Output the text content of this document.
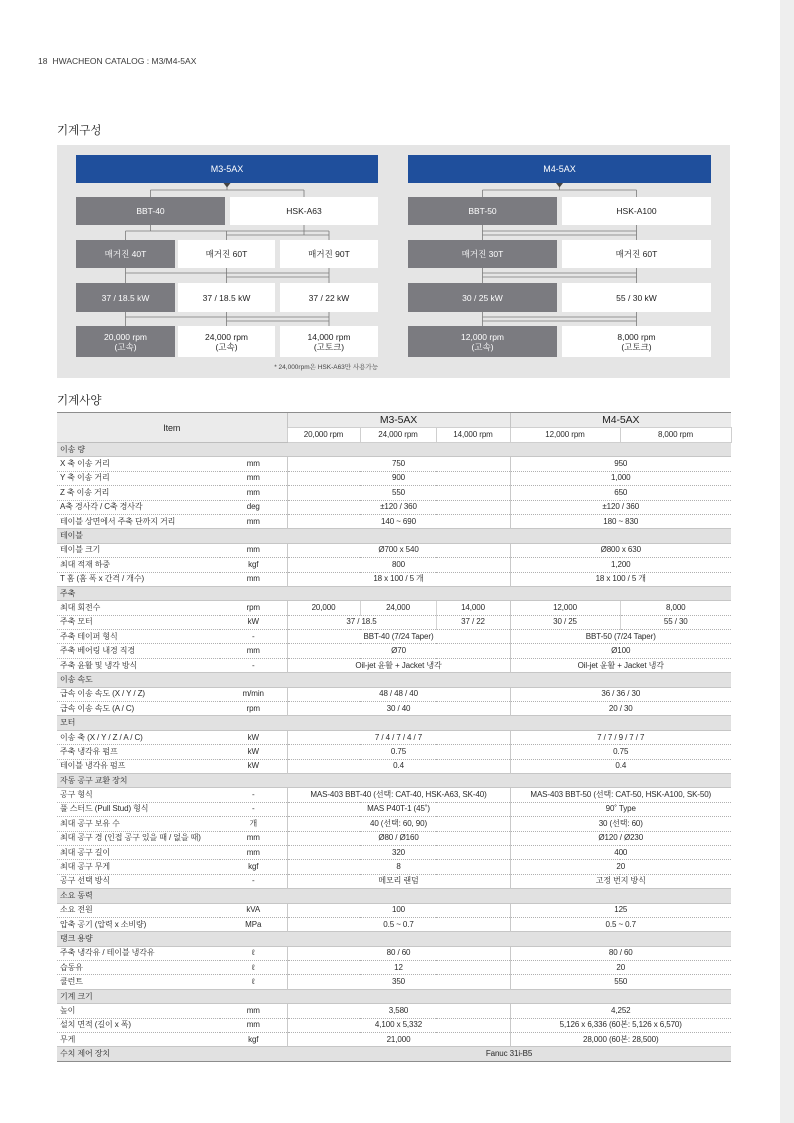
18 HWACHEON CATALOG : M3/M4-5AX
기계구성
M3-5AX
BBT-40	HSK-A63
매거진 40T	매거진 60T	매거진 90T
37 / 18.5 kW	37 / 18.5 kW	37 / 22 kW
20,000 rpm
(고속)
24,000 rpm
(고속)
14,000 rpm
(고토크)
* 24,000rpm은 HSK-A63만 사용가능
M4-5AX
BBT-50	HSK-A100
매거진 30T	매거진 60T
30 / 25 kW	55 / 30 kW
12,000 rpm
(고속)
8,000 rpm
(고토크)
기계사양
Item		M3-5AX			M4-5AX	
		20,000 rpm	24,000 rpm	14,000 rpm	12,000 rpm	8,000 rpm
이송 량						
X 축 이송 거리	mm	750			950	
Y 축 이송 거리	mm	900			1,000	
Z 축 이송 거리	mm	550			650	
A축 경사각 / C축 경사각	deg	±120 / 360			±120 / 360	
테이블 상면에서 주축 단까지 거리	mm	140 ~ 690			180 ~ 830	
테이블						
테이블 크기	mm	Ø700 x 540			Ø800 x 630	
최대 적재 하중	kgf	800			1,200	
T 홈 (홈 폭 x 간격 / 개수)	mm	18 x 100 / 5 개			18 x 100 / 5 개	
주축						
최대 회전수	rpm	20,000	24,000	14,000	12,000	8,000
주축 모터	kW	37 / 18.5		37 / 22	30 / 25	55 / 30
주축 테이퍼 형식	-	BBT-40 (7/24 Taper)			BBT-50 (7/24 Taper)	
주축 베어링 내경 직경	mm	Ø70			Ø100	
주축 윤활 및 냉각 방식	-	Oil-jet 윤활 + Jacket 냉각			Oil-jet 윤활 + Jacket 냉각	
이송 속도						
급속 이송 속도 (X / Y / Z)	m/min	48 / 48 / 40			36 / 36 / 30	
급속 이송 속도 (A / C)	rpm	30 / 40			20 / 30	
모터						
이송 축 (X / Y / Z / A / C)	kW	7 / 4 / 7 / 4 / 7			7 / 7 / 9 / 7 / 7	
주축 냉각유 펌프	kW	0.75			0.75	
테이블 냉각유 펌프	kW	0.4			0.4	
자동 공구 교환 장치						
공구 형식	-	MAS-403 BBT-40 (선택: CAT-40, HSK-A63, SK-40)			MAS-403 BBT-50 (선택: CAT-50, HSK-A100, SK-50)	
풀 스터드 (Pull Stud) 형식	-	MAS P40T-1 (45˚)			90˚ Type	
최대 공구 보유 수	개	40 (선택: 60, 90)			30 (선택: 60)	
최대 공구 경 (인접 공구 있을 때 / 없을 때)	mm	Ø80 / Ø160			Ø120 / Ø230	
최대 공구 길이	mm	320			400	
최대 공구 무게	kgf	8			20	
공구 선택 방식	-	메모리 랜덤			고정 번지 방식	
소요 동력						
소요 전원	kVA	100			125	
압축 공기 (압력 x 소비량)	MPa	0.5 ~ 0.7			0.5 ~ 0.7	
탱크 용량						
주축 냉각유 / 테이블 냉각유	ℓ	80 / 60			80 / 60	
습동유	ℓ	12			20	
쿨런트	ℓ	350			550	
기계 크기						
높이	mm	3,580			4,252	
설치 면적 (길이 x 폭)	mm	4,100 x 5,332			5,126 x 6,336 (60본: 5,126 x 6,570)	
무게	kgf	21,000			28,000 (60본: 28,500)	
수치 제어 장치		Fanuc 31i-B5				
